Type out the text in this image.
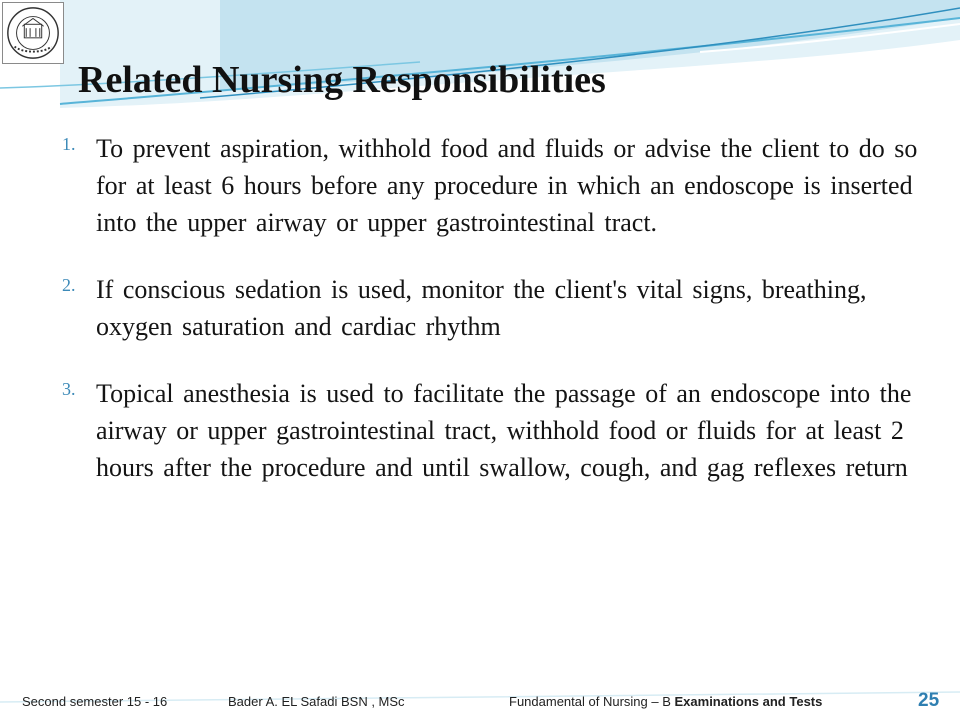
Related Nursing Responsibilities
1. To prevent aspiration, withhold food and fluids or advise the client to do so for at least 6 hours before any procedure in which an endoscope is inserted into the upper airway or upper gastrointestinal tract.
2. If conscious sedation is used, monitor the client's vital signs, breathing, oxygen saturation and cardiac rhythm
3. Topical anesthesia is used to facilitate the passage of an endoscope into the airway or upper gastrointestinal tract, withhold food or fluids for at least 2 hours after the procedure and until swallow, cough, and gag reflexes return
Second semester 15 - 16	Bader A. EL Safadi BSN , MSc	Fundamental of Nursing – B Examinations and Tests	25
